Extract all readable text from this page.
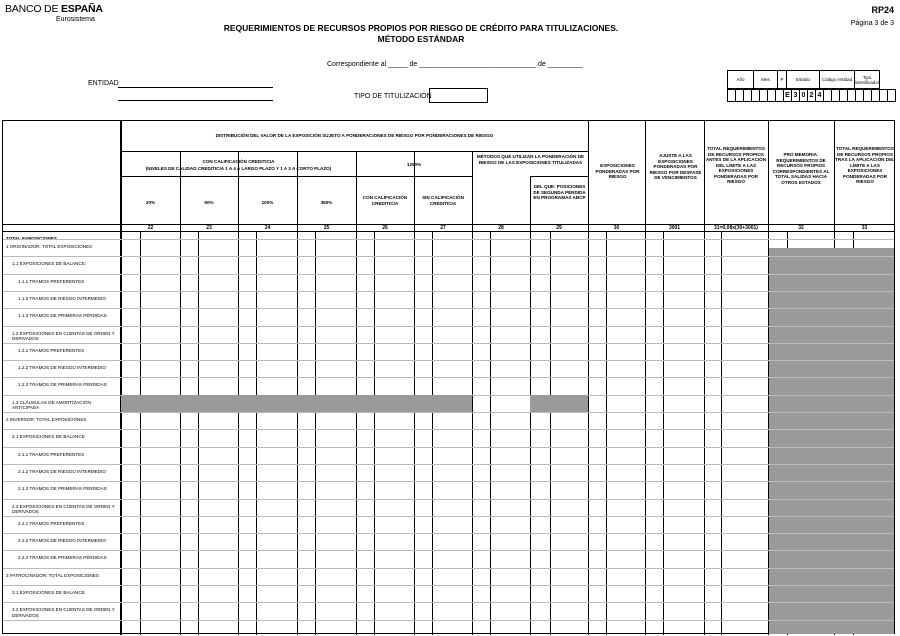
BANCO DE ESPAÑA
Eurosistema
RP24
Página 3 de 3
REQUERIMIENTOS DE RECURSOS PROPIOS POR RIESGO DE CRÉDITO PARA TITULIZACIONES.
MÉTODO ESTÁNDAR
Correspondiente al _____ de ______________________________ de _________
ENTIDAD
TIPO DE TITULIZACIÓN
Año	Mes	P	Estado	Código entidad	Tipo identificador
							E	3	0	2	4									
DISTRIBUCIÓN DEL VALOR DE LA EXPOSICIÓN SUJETO A PONDERACIONES DE RIESGO POR PONDERACIONES DE RIESGO
CON CALIFICACIÓN CREDITICIA
(NIVELES DE CALIDAD CREDITICIA 1 A 4 A LARGO PLAZO Y 1 A 3 A CORTO PLAZO)
1250%
MÉTODOS QUE UTILIZAN LA PONDERACIÓN DE RIESGO DE LAS EXPOSICIONES TITULIZADAS
DEL QUE: POSICIONES DE SEGUNDA PÉRDIDA EN PROGRAMAS ABCP
20%	50%	100%	350%
CON CALIFICACIÓN CREDITICIA
SIN CALIFICACIÓN CREDITICIA
EXPOSICIONES PONDERADAS POR RIESGO
AJUSTE A LAS EXPOSICIONES PONDERADAS POR RIESGO POR DESFASE DE VENCIMIENTOS
TOTAL REQUERIMIENTOS DE RECURSOS PROPIOS ANTES DE LA APLICACIÓN DEL LÍMITE A LAS EXPOSICIONES PONDERADAS POR RIESGO
PRO MEMORIA: REQUERIMIENTOS DE RECURSOS PROPIOS CORRESPONDIENTES AL TOTAL SALIDAS HACIA OTROS ESTADOS
TOTAL REQUERIMIENTOS DE RECURSOS PROPIOS TRAS LA APLICACIÓN DEL LÍMITE A LAS EXPOSICIONES PONDERADAS POR RIESGO
22	23	24	25	26	27	28	29	30	3001	31=0,08x(30+3001)	32	33
TOTAL EXPOSICIONES
1 ORIGINADOR: TOTAL EXPOSICIONES
1.1 EXPOSICIONES DE BALANCE:
1.1.1 TRAMOS PREFERENTES
1.1.2 TRAMOS DE RIESGO INTERMEDIO
1.1.3 TRAMOS DE PRIMERAS PÉRDIDAS
1.2 EXPOSICIONES EN CUENTAS DE ORDEN Y DERIVADOS
1.2.1 TRAMOS PREFERENTES
1.2.2 TRAMOS DE RIESGO INTERMEDIO
1.2.3 TRAMOS DE PRIMERAS PÉRDIDAS
1.3 CLÁUSULAS DE AMORTIZACIÓN ANTICIPADA
2 INVERSOR: TOTAL EXPOSICIONES
2.1 EXPOSICIONES DE BALANCE
2.1.1 TRAMOS PREFERENTES
2.1.2 TRAMOS DE RIESGO INTERMEDIO
2.1.3 TRAMOS DE PRIMERAS PÉRDIDAS
2.2 EXPOSICIONES EN CUENTAS DE ORDEN Y DERIVADOS
2.2.1 TRAMOS PREFERENTES
2.2.2 TRAMOS DE RIESGO INTERMEDIO
2.2.3 TRAMOS DE PRIMERAS PÉRDIDAS
3 PATROCINADOR: TOTAL EXPOSICIONES
3.1 EXPOSICIONES DE BALANCE
3.2 EXPOSICIONES EN CUENTAS DE ORDEN Y DERIVADOS
